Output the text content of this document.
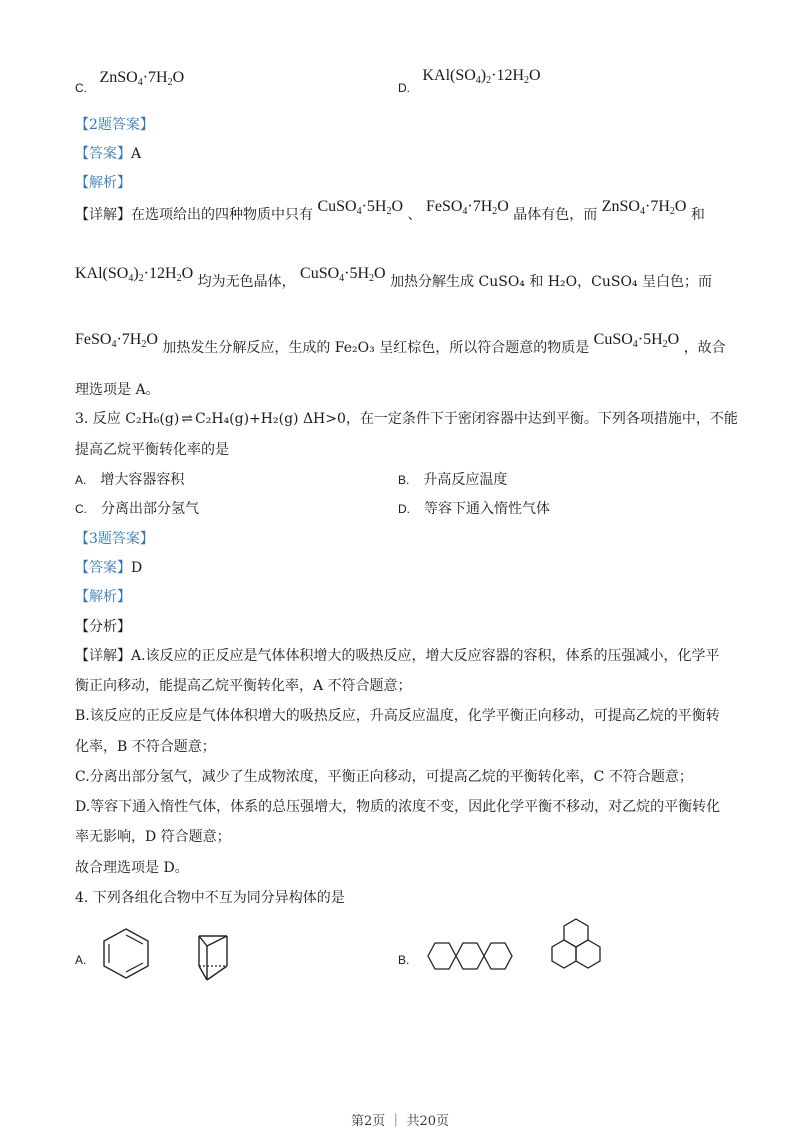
C. $ZnSO_4\cdot 7H_2O$
D. $KAl(SO_4)_2\cdot 12H_2O$
【2题答案】
【答案】A
【解析】
【详解】在选项给出的四种物质中只有 $CuSO_4\cdot 5H_2O$ 、 $FeSO_4\cdot 7H_2O$ 晶体有色，而 $ZnSO_4\cdot 7H_2O$ 和
$KAl(SO_4)_2\cdot 12H_2O$ 均为无色晶体， $CuSO_4\cdot 5H_2O$ 加热分解生成 CuSO₄ 和 H₂O，CuSO₄ 呈白色；而
$FeSO_4\cdot 7H_2O$ 加热发生分解反应，生成的 Fe₂O₃ 呈红棕色，所以符合题意的物质是 $CuSO_4\cdot 5H_2O$ ，故合
理选项是 A。
3. 反应 C₂H₆(g) ⇌ C₂H₄(g)+H₂(g) ΔH>0，在一定条件下于密闭容器中达到平衡。下列各项措施中，不能
提高乙烷平衡转化率的是
A. 增大容器容积	B. 升高反应温度
C. 分离出部分氢气	D. 等容下通入惰性气体
【3题答案】
【答案】D
【解析】
【分析】
【详解】A.该反应的正反应是气体体积增大的吸热反应，增大反应容器的容积，体系的压强减小，化学平
衡正向移动，能提高乙烷平衡转化率，A 不符合题意；
B.该反应的正反应是气体体积增大的吸热反应，升高反应温度，化学平衡正向移动，可提高乙烷的平衡转
化率，B 不符合题意；
C.分离出部分氢气，减少了生成物浓度，平衡正向移动，可提高乙烷的平衡转化率，C 不符合题意；
D.等容下通入惰性气体，体系的总压强增大，物质的浓度不变，因此化学平衡不移动，对乙烷的平衡转化
率无影响，D 符合题意；
故合理选项是 D。
4. 下列各组化合物中不互为同分异构体的是
A.	B.
第2页 ｜ 共20页
